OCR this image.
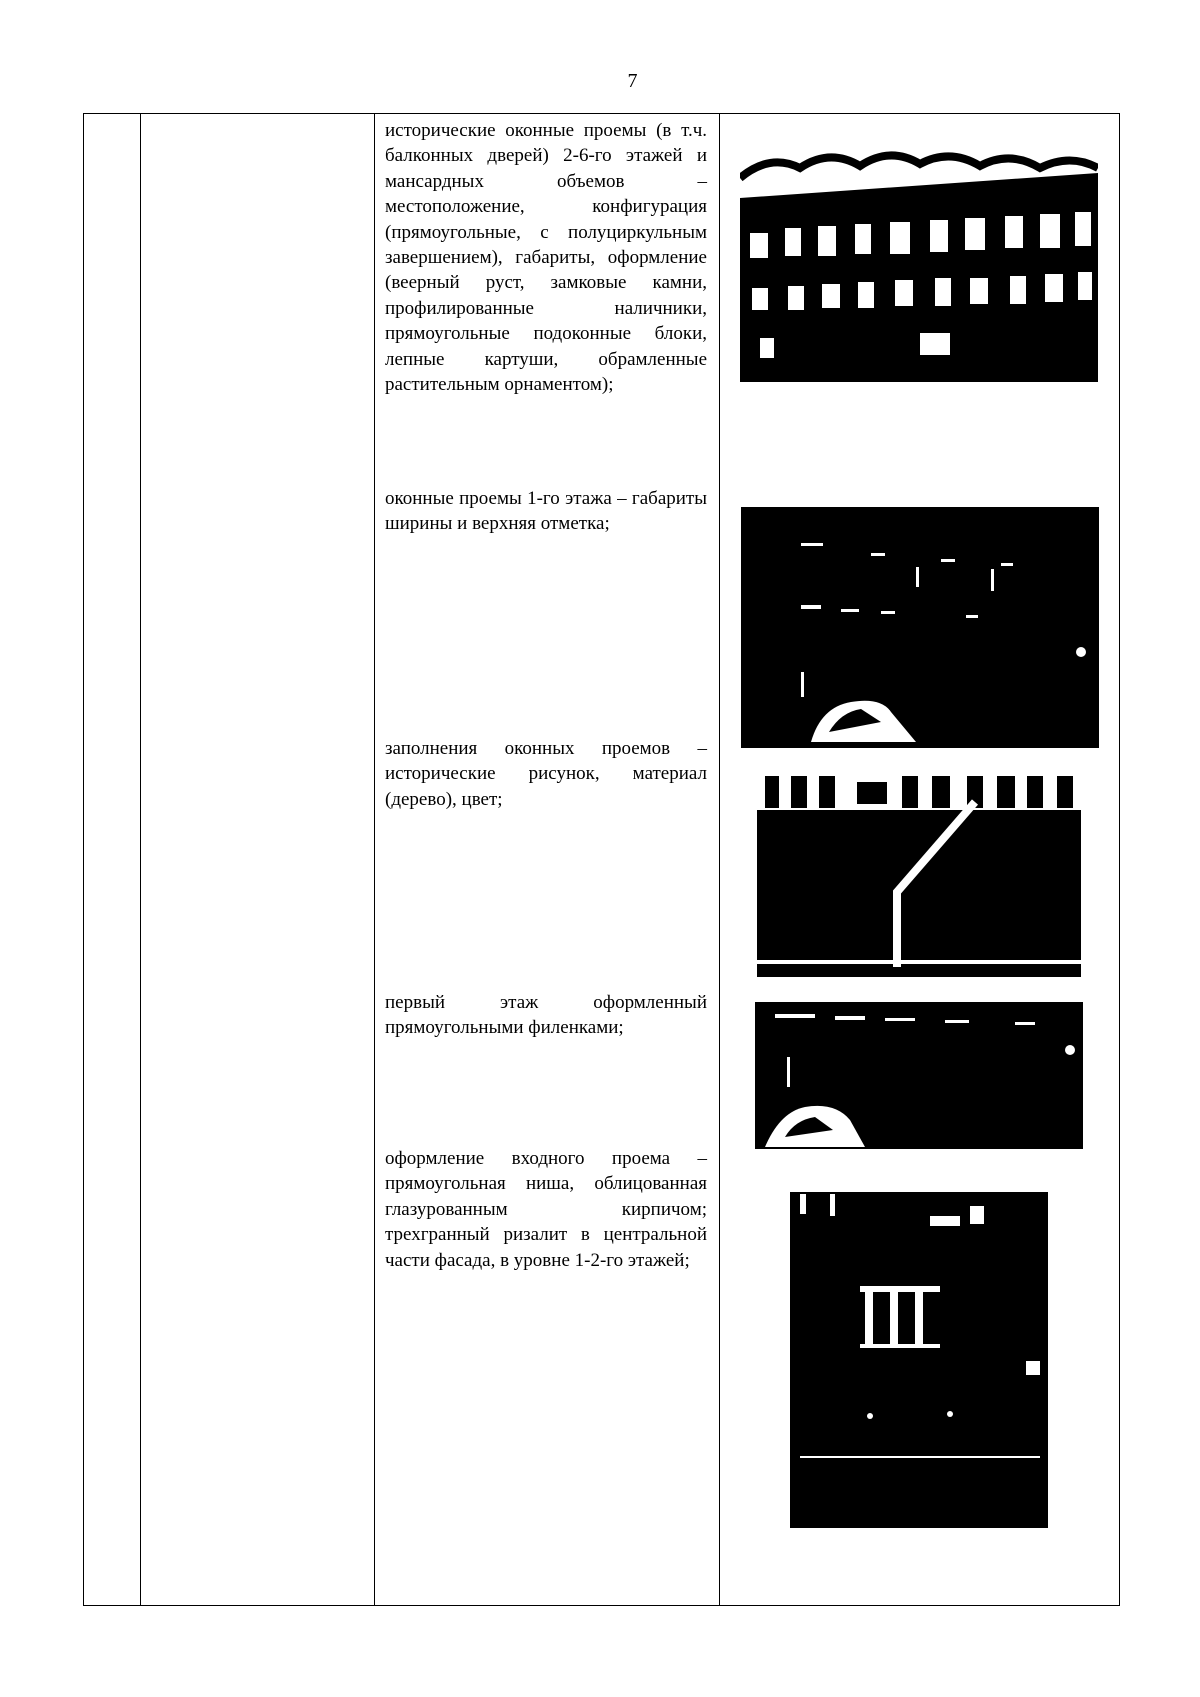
7
исторические оконные проемы (в т.ч. балконных дверей) 2-6-го этажей и мансардных объемов – местоположение, конфигурация (прямоугольные, с полуциркульным завершением), габариты, оформление (веерный руст, замковые камни, профилированные наличники, прямоугольные подоконные блоки, лепные картуши, обрамленные растительным орнаментом);
оконные проемы 1-го этажа – габариты ширины и верхняя отметка;
заполнения оконных проемов – исторические рисунок, материал (дерево), цвет;
первый этаж оформленный прямоугольными филенками;
оформление входного проема – прямоугольная ниша, облицованная глазурованным кирпичом; трехгранный ризалит в центральной части фасада, в уровне 1-2-го этажей;
